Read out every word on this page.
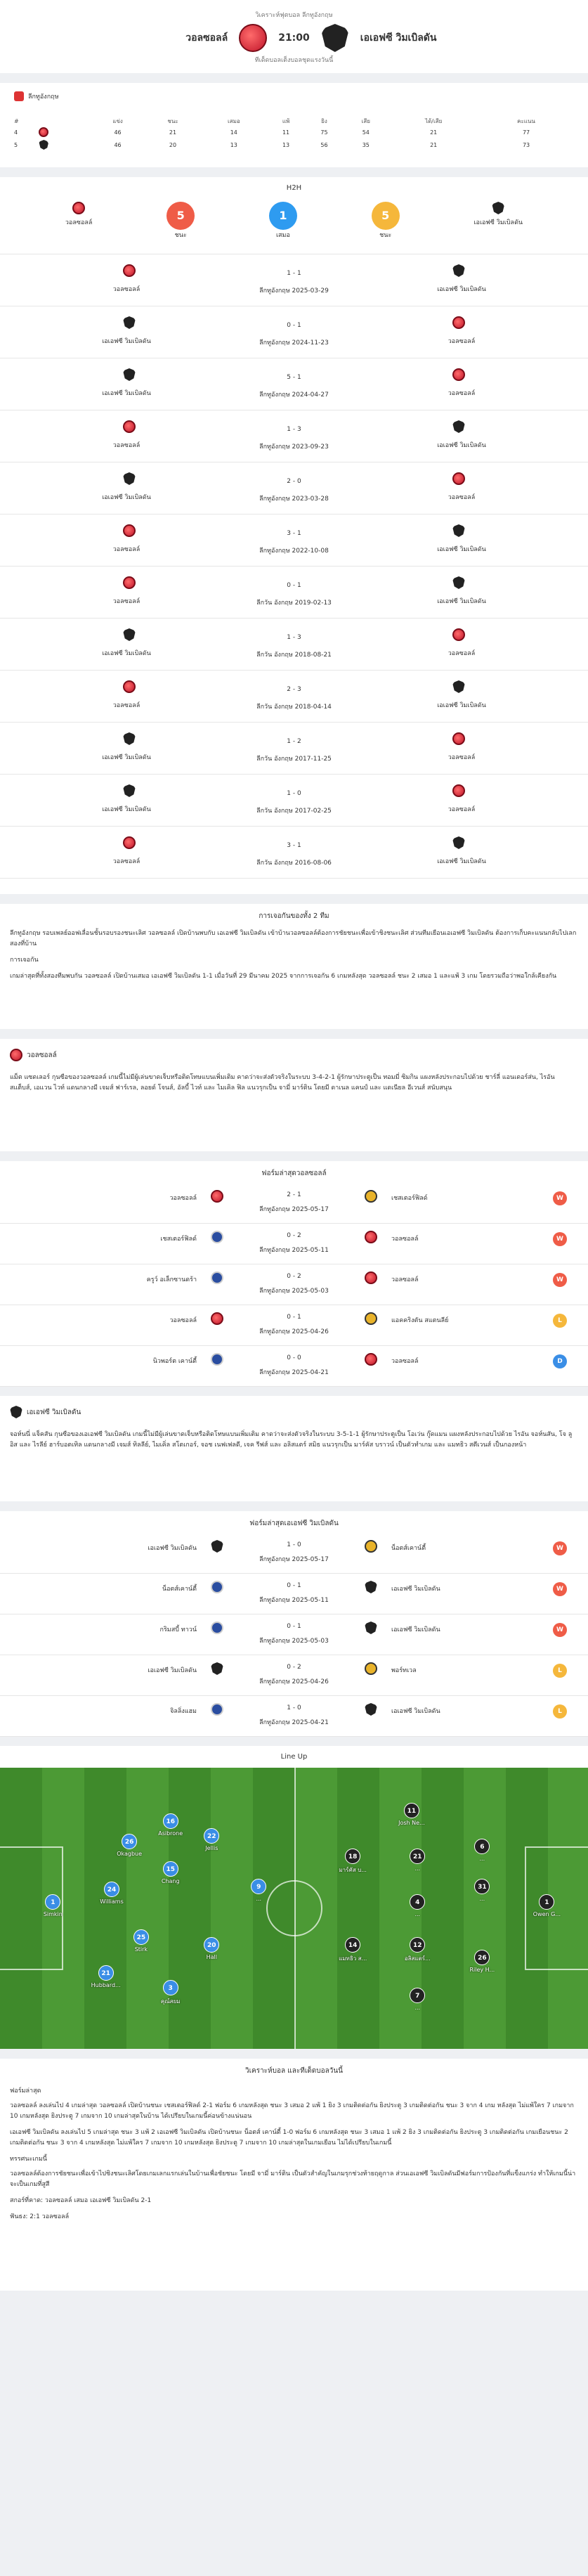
วิเคราะห์ฟุตบอล ลีกทูอังกฤษ
วอลซอลล์	21:00	เอเอฟซี วิมเบิลดัน
ทีเด็ดบอลเต็งบอลชุดแรงวันนี้
ลีกทูอังกฤษ
#		แข่ง	ชนะ	เสมอ	แพ้	ยิง	เสีย	ได้/เสีย	คะแนน
4		46	21	14	11	75	54	21	77
5		46	20	13	13	56	35	21	73
H2H
วอลซอลล์
5
ชนะ
1
เสมอ
5
ชนะ
เอเอฟซี วิมเบิลดัน
วอลซอลล์	เอเอฟซี วิมเบิลดัน
1 - 1
ลีกทูอังกฤษ 2025-03-29
เอเอฟซี วิมเบิลดัน	วอลซอลล์
0 - 1
ลีกทูอังกฤษ 2024-11-23
เอเอฟซี วิมเบิลดัน	วอลซอลล์
5 - 1
ลีกทูอังกฤษ 2024-04-27
วอลซอลล์	เอเอฟซี วิมเบิลดัน
1 - 3
ลีกทูอังกฤษ 2023-09-23
เอเอฟซี วิมเบิลดัน	วอลซอลล์
2 - 0
ลีกทูอังกฤษ 2023-03-28
วอลซอลล์	เอเอฟซี วิมเบิลดัน
3 - 1
ลีกทูอังกฤษ 2022-10-08
วอลซอลล์	เอเอฟซี วิมเบิลดัน
0 - 1
ลีกวัน อังกฤษ 2019-02-13
เอเอฟซี วิมเบิลดัน	วอลซอลล์
1 - 3
ลีกวัน อังกฤษ 2018-08-21
วอลซอลล์	เอเอฟซี วิมเบิลดัน
2 - 3
ลีกวัน อังกฤษ 2018-04-14
เอเอฟซี วิมเบิลดัน	วอลซอลล์
1 - 2
ลีกวัน อังกฤษ 2017-11-25
เอเอฟซี วิมเบิลดัน	วอลซอลล์
1 - 0
ลีกวัน อังกฤษ 2017-02-25
วอลซอลล์	เอเอฟซี วิมเบิลดัน
3 - 1
ลีกวัน อังกฤษ 2016-08-06
การเจอกันของทั้ง 2 ทีม

ลีกทูอังกฤษ รอบเพลย์ออฟเลื่อนชั้นรอบรองชนะเลิศ วอลซอลล์ เปิดบ้านพบกับ เอเอฟซี วิมเบิลดัน เข้าบ้านวอลซอลล์ต้องการชัยชนะเพื่อเข้าชิงชนะเลิศ ส่วนทีมเยือนเอเอฟซี วิมเบิลดัน ต้องการเก็บคะแนนกลับไปเลกสองที่บ้าน

การเจอกัน

เกมล่าสุดที่ทั้งสองทีมพบกัน วอลซอลล์ เปิดบ้านเสมอ เอเอฟซี วิมเบิลดัน 1-1 เมื่อวันที่ 29 มีนาคม 2025 จากการเจอกัน 6 เกมหลังสุด วอลซอลล์ ชนะ 2 เสมอ 1 และแพ้ 3 เกม โดยรวมถือว่าพอใกล้เคียงกัน

วอลซอลล์

แม็ต แซดเลอร์ กุนซือของวอลซอลล์ เกมนี้ไม่มีผู้เล่นขาดเจ็บหรือติดโทษแบนเพิ่มเติม คาดว่าจะส่งตัวจริงในระบบ 3-4-2-1 ผู้รักษาประตูเป็น ทอมมี่ ซิมกิน แผงหลังประกอบไปด้วย ชาร์ลี่ แอนเดอร์ส่น, ไรอัน สแต็บส์, เอแวน ไวท์ แดนกลางมี เจมส์ ฟาร์เรล, ลอยด์ โจนส์, อัลบี้ ไวท์ และ ไมเคิล ฟิล แนวรุกเป็น จามี่ มาร์ติน โดยมี ดาเนล แคนป์ และ แดเนียล อีเวนส์ สนับสนุน

ฟอร์มล่าสุดวอลซอลล์
วอลซอลล์	เชสเตอร์ฟิลด์
2 - 1
ลีกทูอังกฤษ 2025-05-17
W
เชสเตอร์ฟิลด์	วอลซอลล์
0 - 2
ลีกทูอังกฤษ 2025-05-11
W
ครูว์ อเล็กซานดร้า	วอลซอลล์
0 - 2
ลีกทูอังกฤษ 2025-05-03
W
วอลซอลล์	แอคคริงตัน สแตนลีย์
0 - 1
ลีกทูอังกฤษ 2025-04-26
L
นิวพอร์ต เคาน์ตี้	วอลซอลล์
0 - 0
ลีกทูอังกฤษ 2025-04-21
D
เอเอฟซี วิมเบิลดัน

จอห์นนี่ แจ็คสัน กุนซือของเอเอฟซี วิมเบิลดัน เกมนี้ไม่มีผู้เล่นขาดเจ็บหรือติดโทษแบนเพิ่มเติม คาดว่าจะส่งตัวจริงในระบบ 3-5-1-1 ผู้รักษาประตูเป็น โอเว่น กู๊ดแมน แผงหลังประกอบไปด้วย ไรอัน จอห์นสัน, โจ ลูอิส และ ไรลีย์ ฮาร์บอตเทิล แดนกลางมี เจมส์ ทิลลีย์, ไมเคิ่ล สโตเกอร์, จอช เนฟเฟลดี, เจค รีฟส์ และ อลิสแตร์ สมิธ แนวรุกเป็น มาร์คัส บราวน์ เป็นตัวทำเกม และ แมทธิว สตีเวนส์ เป็นกองหน้า

ฟอร์มล่าสุดเอเอฟซี วิมเบิลดัน
เอเอฟซี วิมเบิลดัน	น็อตส์เคาน์ตี้
1 - 0
ลีกทูอังกฤษ 2025-05-17
W
น็อตส์เคาน์ตี้	เอเอฟซี วิมเบิลดัน
0 - 1
ลีกทูอังกฤษ 2025-05-11
W
กริมสบี้ ทาวน์	เอเอฟซี วิมเบิลดัน
0 - 1
ลีกทูอังกฤษ 2025-05-03
W
เอเอฟซี วิมเบิลดัน	พอร์ทเวล
0 - 2
ลีกทูอังกฤษ 2025-04-26
L
จิลลิ่งแฮม	เอเอฟซี วิมเบิลดัน
1 - 0
ลีกทูอังกฤษ 2025-04-21
L
Line Up
1
Simkin
24
Williams
25
Stirk
21
Hubbard...
26
Okagbue
16
Asibrone
15
Chang
20
Hall
3
คุณ์สยม
22
Jellis
9
...
1
Owen G...
31
...
6
...
26
Riley H...
11
Josh Ne...
18
มาร์คัส บ...
21
...
4
...
12
อลิสแตร์...
14
แมทธิว ส...
7
...
วิเคราะห์บอล และทีเด็ดบอลวันนี้

ฟอร์มล่าสุด

วอลซอลล์ ลงเล่นไป 4 เกมล่าสุด วอลซอลล์ เปิดบ้านชนะ เชสเตอร์ฟิลด์ 2-1 ฟอร์ม 6 เกมหลังสุด ชนะ 3 เสมอ 2 แพ้ 1 ยิง 3 เกมติดต่อกัน ยิงประตู 3 เกมติดต่อกัน ชนะ 3 จาก 4 เกม หลังสุด ไม่แพ้ใคร 7 เกมจาก 10 เกมหลังสุด ยิงประตู 7 เกมจาก 10 เกมล่าสุดในบ้าน ได้เปรียบในเกมนี้ค่อนข้างแน่นอน

เอเอฟซี วิมเบิลดัน ลงเล่นไป 5 เกมล่าสุด ชนะ 3 แพ้ 2 เอเอฟซี วิมเบิลดัน เปิดบ้านชนะ น็อตส์ เคาน์ตี้ 1-0 ฟอร์ม 6 เกมหลังสุด ชนะ 3 เสมอ 1 แพ้ 2 ยิง 3 เกมติดต่อกัน ยิงประตู 3 เกมติดต่อกัน เกมเยือนชนะ 2 เกมติดต่อกัน ชนะ 3 จาก 4 เกมหลังสุด ไม่แพ้ใคร 7 เกมจาก 10 เกมหลังสุด ยิงประตู 7 เกมจาก 10 เกมล่าสุดในเกมเยือน ไม่ได้เปรียบในเกมนี้

ทรรศนะเกมนี้

วอลซอลล์ต้องการชัยชนะเพื่อเข้าไปชิงชนะเลิศโดยเกมเลกแรกเล่นในบ้านเพื่อชัยชนะ โดยมี จามี่ มาร์ติน เป็นตัวสำคัญในเกมรุกช่วงท้ายฤดูกาล ส่วนเอเอฟซี วิมเบิลดันมีฟอร์มการป้องกันที่แข็งแกร่ง ทำให้เกมนี้น่าจะเป็นเกมที่สูสี

สกอร์ที่คาด: วอลซอลล์ เสมอ เอเอฟซี วิมเบิลดัน 2-1

ฟันธง: 2:1 วอลซอลล์
